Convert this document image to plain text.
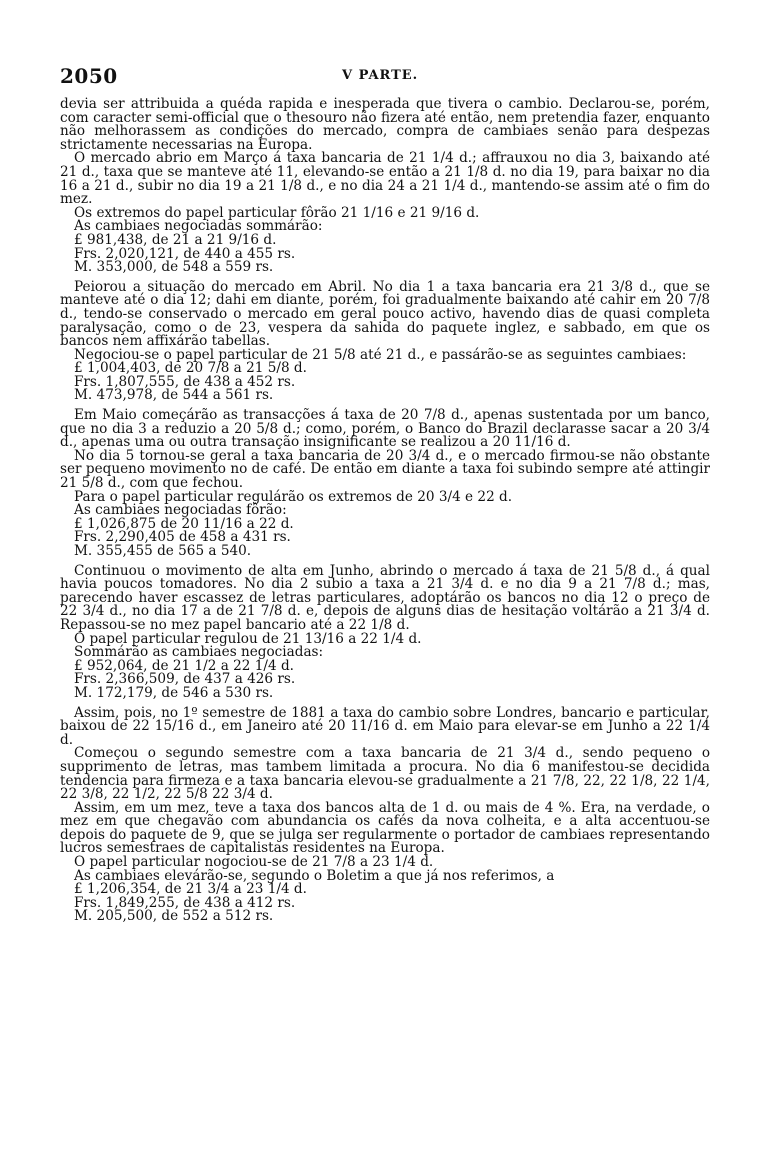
2050	V PARTE.

devia ser attribuida a quéda rapida e inesperada que tivera o cambio. Declarou-se, porém, com caracter semi-official que o thesouro não fizera até então, nem pretendia fazer, enquanto não melhorassem as condições do mercado, compra de cambiaes senão para despezas strictamente necessarias na Europa.

O mercado abrio em Março á taxa bancaria de 21 1/4 d.; affrauxou no dia 3, baixando até 21 d., taxa que se manteve até 11, elevando-se então a 21 1/8 d. no dia 19, para baixar no dia 16 a 21 d., subir no dia 19 a 21 1/8 d., e no dia 24 a 21 1/4 d., mantendo-se assim até o fim do mez.

Os extremos do papel particular fôrão 21 1/16 e 21 9/16 d.

As cambiaes negociadas sommárão:

£ 981,438, de 21 a 21 9/16 d.

Frs. 2,020,121, de 440 a 455 rs.

M. 353,000, de 548 a 559 rs.

Peiorou a situação do mercado em Abril. No dia 1 a taxa bancaria era 21 3/8 d., que se manteve até o dia 12; dahi em diante, porém, foi gradualmente baixando até cahir em 20 7/8 d., tendo-se conservado o mercado em geral pouco activo, havendo dias de quasi completa paralysação, como o de 23, vespera da sahida do paquete inglez, e sabbado, em que os bancos nem affixárão tabellas.

Negociou-se o papel particular de 21 5/8 até 21 d., e passárão-se as seguintes cambiaes:

£ 1,004,403, de 20 7/8 a 21 5/8 d.

Frs. 1,807,555, de 438 a 452 rs.

M. 473,978, de 544 a 561 rs.

Em Maio começárão as transacções á taxa de 20 7/8 d., apenas sustentada por um banco, que no dia 3 a reduzio a 20 5/8 d.; como, porém, o Banco do Brazil declarasse sacar a 20 3/4 d., apenas uma ou outra transação insignificante se realizou a 20 11/16 d.

No dia 5 tornou-se geral a taxa bancaria de 20 3/4 d., e o mercado firmou-se não obstante ser pequeno movimento no de café. De então em diante a taxa foi subindo sempre até attingir 21 5/8 d., com que fechou.

Para o papel particular regulárão os extremos de 20 3/4 e 22 d.

As cambiaes negociadas fôrão:

£ 1,026,875 de 20 11/16 a 22 d.

Frs. 2,290,405 de 458 a 431 rs.

M. 355,455 de 565 a 540.

Continuou o movimento de alta em Junho, abrindo o mercado á taxa de 21 5/8 d., á qual havia poucos tomadores. No dia 2 subio a taxa a 21 3/4 d. e no dia 9 a 21 7/8 d.; mas, parecendo haver escassez de letras particulares, adoptárão os bancos no dia 12 o preço de 22 3/4 d., no dia 17 a de 21 7/8 d. e, depois de alguns dias de hesitação voltárão a 21 3/4 d. Repassou-se no mez papel bancario até a 22 1/8 d.

O papel particular regulou de 21 13/16 a 22 1/4 d.

Sommárão as cambiaes negociadas:

£ 952,064, de 21 1/2 a 22 1/4 d.

Frs. 2,366,509, de 437 a 426 rs.

M. 172,179, de 546 a 530 rs.

Assim, pois, no 1º semestre de 1881 a taxa do cambio sobre Londres, bancario e particular, baixou de 22 15/16 d., em Janeiro até 20 11/16 d. em Maio para elevar-se em Junho a 22 1/4 d.

Começou o segundo semestre com a taxa bancaria de 21 3/4 d., sendo pequeno o supprimento de letras, mas tambem limitada a procura. No dia 6 manifestou-se decidida tendencia para firmeza e a taxa bancaria elevou-se gradualmente a 21 7/8, 22, 22 1/8, 22 1/4, 22 3/8, 22 1/2, 22 5/8 22 3/4 d.

Assim, em um mez, teve a taxa dos bancos alta de 1 d. ou mais de 4 %. Era, na verdade, o mez em que chegavão com abundancia os cafés da nova colheita, e a alta accentuou-se depois do paquete de 9, que se julga ser regularmente o portador de cambiaes representando lucros semestraes de capitalistas residentes na Europa.

O papel particular nogociou-se de 21 7/8 a 23 1/4 d.

As cambiaes elevárão-se, segundo o Boletim a que já nos referimos, a

£ 1,206,354, de 21 3/4 a 23 1/4 d.

Frs. 1,849,255, de 438 a 412 rs.

M. 205,500, de 552 a 512 rs.
